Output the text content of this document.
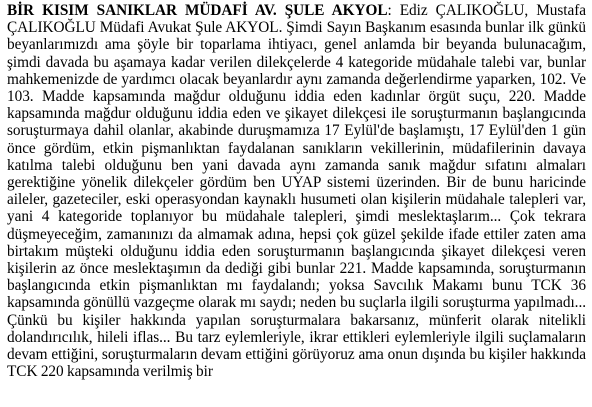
BİR KISIM SANIKLAR MÜDAFİ AV. ŞULE AKYOL: Ediz ÇALIKOĞLU, Mustafa ÇALIKOĞLU Müdafi Avukat Şule AKYOL. Şimdi Sayın Başkanım esasında bunlar ilk günkü beyanlarımızdı ama şöyle bir toparlama ihtiyacı, genel anlamda bir beyanda bulunacağım, şimdi davada bu aşamaya kadar verilen dilekçelerde 4 kategoride müdahale talebi var, bunlar mahkemenizde de yardımcı olacak beyanlardır aynı zamanda değerlendirme yaparken, 102. Ve 103. Madde kapsamında mağdur olduğunu iddia eden kadınlar örgüt suçu, 220. Madde kapsamında mağdur olduğunu iddia eden ve şikayet dilekçesi ile soruşturmanın başlangıcında soruşturmaya dahil olanlar, akabinde duruşmamıza 17 Eylül'de başlamıştı, 17 Eylül'den 1 gün önce gördüm, etkin pişmanlıktan faydalanan sanıkların vekillerinin, müdafilerinin davaya katılma talebi olduğunu ben yani davada aynı zamanda sanık mağdur sıfatını almaları gerektiğine yönelik dilekçeler gördüm ben UYAP sistemi üzerinden. Bir de bunu haricinde aileler, gazeteciler, eski operasyondan kaynaklı husumeti olan kişilerin müdahale talepleri var, yani 4 kategoride toplanıyor bu müdahale talepleri, şimdi meslektaşlarım... Çok tekrara düşmeyeceğim, zamanınızı da almamak adına, hepsi çok güzel şekilde ifade ettiler zaten ama birtakım müşteki olduğunu iddia eden soruşturmanın başlangıcında şikayet dilekçesi veren kişilerin az önce meslektaşımın da dediği gibi bunlar 221. Madde kapsamında, soruşturmanın başlangıcında etkin pişmanlıktan mı faydalandı; yoksa Savcılık Makamı bunu TCK 36 kapsamında gönüllü vazgeçme olarak mı saydı; neden bu suçlarla ilgili soruşturma yapılmadı... Çünkü bu kişiler hakkında yapılan soruşturmalara bakarsanız, münferit olarak nitelikli dolandırıcılık, hileli iflas... Bu tarz eylemleriyle, ikrar ettikleri eylemleriyle ilgili suçlamaların devam ettiğini, soruşturmaların devam ettiğini görüyoruz ama onun dışında bu kişiler hakkında TCK 220 kapsamında verilmiş bir
